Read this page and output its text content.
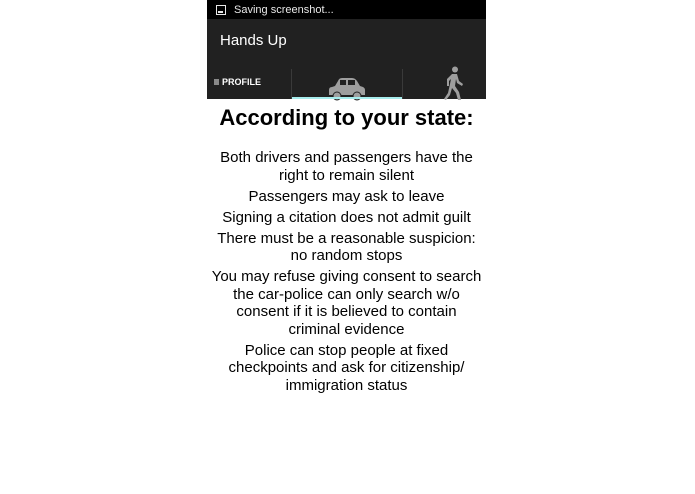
Saving screenshot...
Hands Up
PROFILE
According to your state:

Both drivers and passengers have the right to remain silent

Passengers may ask to leave

Signing a citation does not admit guilt

There must be a reasonable suspicion: no random stops

You may refuse giving consent to search the car-police can only search w/o consent if it is believed to contain criminal evidence

Police can stop people at fixed checkpoints and ask for citizenship/ immigration status
